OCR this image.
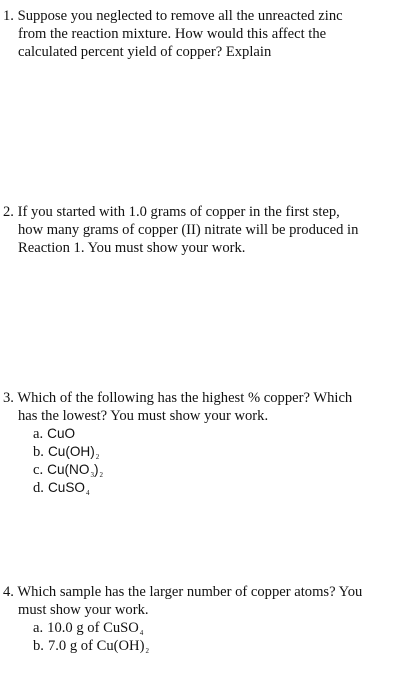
1. Suppose you neglected to remove all the unreacted zinc
from the reaction mixture. How would this affect the
calculated percent yield of copper? Explain
2. If you started with 1.0 grams of copper in the first step,
how many grams of copper (II) nitrate will be produced in
Reaction 1. You must show your work.
3. Which of the following has the highest % copper? Which
has the lowest? You must show your work.
a. CuO
b. $Cu(OH)_2$
c. $Cu(NO_3)_2$
d. CuSO$_4$
4. Which sample has the larger number of copper atoms? You
must show your work.
a. 10.0 g of CuSO$_4$
b. 7.0 g of $Cu(OH)_2$
